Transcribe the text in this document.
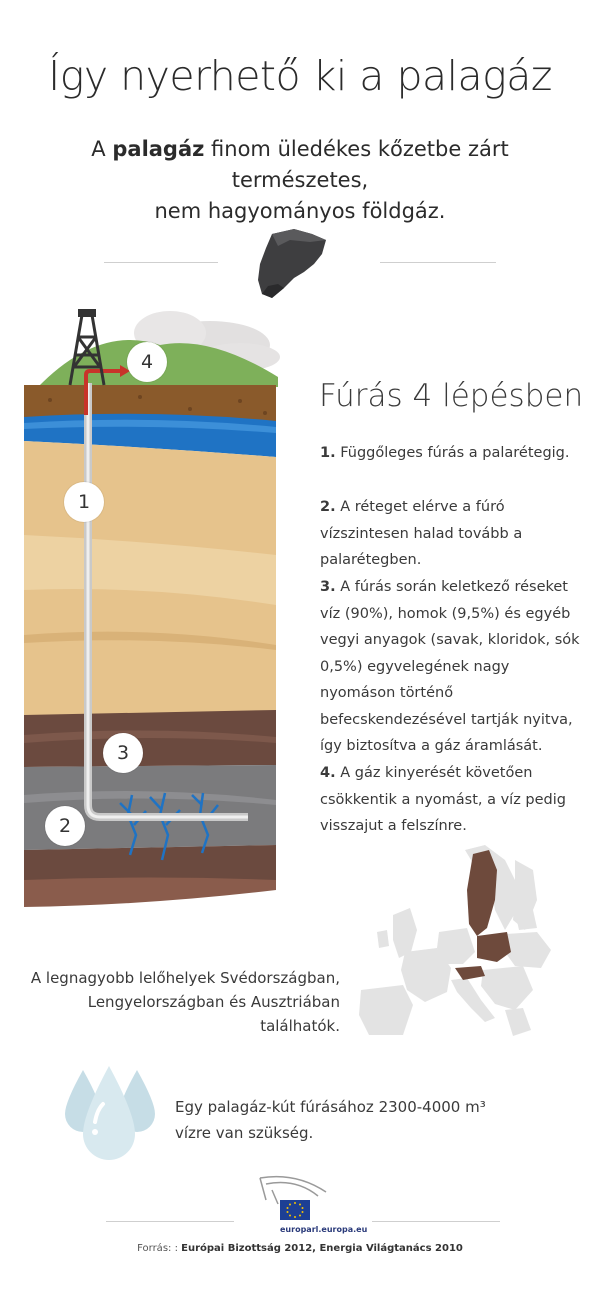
Így nyerhető ki a palagáz
A palagáz finom üledékes kőzetbe zárt természetes,
nem hagyományos földgáz.
4
1
3
2
Fúrás 4 lépésben
1. Függőleges fúrás a palarétegig.
2. A réteget elérve a fúró vízszintesen halad tovább a palarétegben.
3. A fúrás során keletkező réseket víz (90%), homok (9,5%) és egyéb vegyi anyagok (savak, kloridok, sók 0,5%) egyvelegének nagy nyomáson történő befecskendezésével tartják nyitva, így biztosítva a gáz áramlását.
4. A gáz kinyerését követően csökkentik a nyomást, a víz pedig visszajut a felszínre.
A legnagyobb lelőhelyek Svédországban, Lengyelországban és Ausztriában találhatók.
Egy palagáz-kút fúrásához 2300-4000 m³ vízre van szükség.
europarl.europa.eu
Forrás: : Európai Bizottság 2012, Energia Világtanács 2010
